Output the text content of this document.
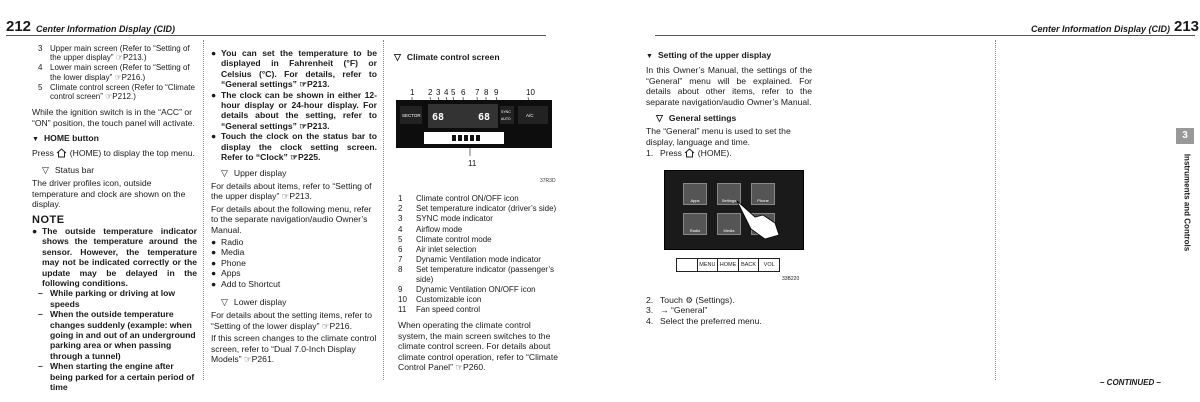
212 Center Information Display (CID)	Center Information Display (CID) 213
3 Upper main screen (Refer to “Setting of the upper display” ☞P213.)
4 Lower main screen (Refer to “Setting of the lower display” ☞P216.)
5 Climate control screen (Refer to “Climate control screen” ☞P212.)
While the ignition switch is in the “ACC” or “ON” position, the touch panel will activate.
▼ HOME button
Press (HOME) to display the top menu.
▽ Status bar
The driver profiles icon, outside temperature and clock are shown on the display.
NOTE
● The outside temperature indicator shows the temperature around the sensor. However, the temperature may not be indicated correctly or the update may be delayed in the following conditions.
– While parking or driving at low speeds
– When the outside temperature changes suddenly (example: when going in and out of an underground parking area or when passing through a tunnel)
– When starting the engine after being parked for a certain period of time
● You can set the temperature to be displayed in Fahrenheit (°F) or Celsius (°C). For details, refer to “General settings” ☞P213.
● The clock can be shown in either 12-hour display or 24-hour display. For details about the setting, refer to “General settings” ☞P213.
● Touch the clock on the status bar to display the clock setting screen. Refer to “Clock” ☞P225.
▽ Upper display
For details about items, refer to “Setting of the upper display” ☞P213.
For details about the following menu, refer to the separate navigation/audio Owner’s Manual.
● Radio
● Media
● Phone
● Apps
● Add to Shortcut
▽ Lower display
For details about the setting items, refer to “Setting of the lower display” ☞P216.
If this screen changes to the climate control screen, refer to “Dual 7.0-Inch Display Models” ☞P261.
▽ Climate control screen
1 2 3 4 5 6 7 8 9	10
11
SECTOR 68	68	SYNC
AUTO
A/C
37R3D
1	Climate control ON/OFF icon
2	Set temperature indicator (driver’s side)
3	SYNC mode indicator
4	Airflow mode
5	Climate control mode
6	Air inlet selection
7	Dynamic Ventilation mode indicator
8	Set temperature indicator (passenger’s side)
9	Dynamic Ventilation ON/OFF icon
10	Customizable icon
11	Fan speed control
When operating the climate control system, the main screen switches to the climate control screen. For details about climate control operation, refer to “Climate Control Panel” ☞P260.
▼ Setting of the upper display
In this Owner’s Manual, the settings of the “General” menu will be explained. For details about other items, refer to the separate navigation/audio Owner’s Manual.
▽ General settings
The “General” menu is used to set the display, language and time.
1. Press (HOME).
Apps	Settings	Phone
Radio	Media
MENU HOME BACK	VOL
33B220
2. Touch ⚙ (Settings).
3. → “General”
4. Select the preferred menu.
– CONTINUED –
3
Instruments and Controls
